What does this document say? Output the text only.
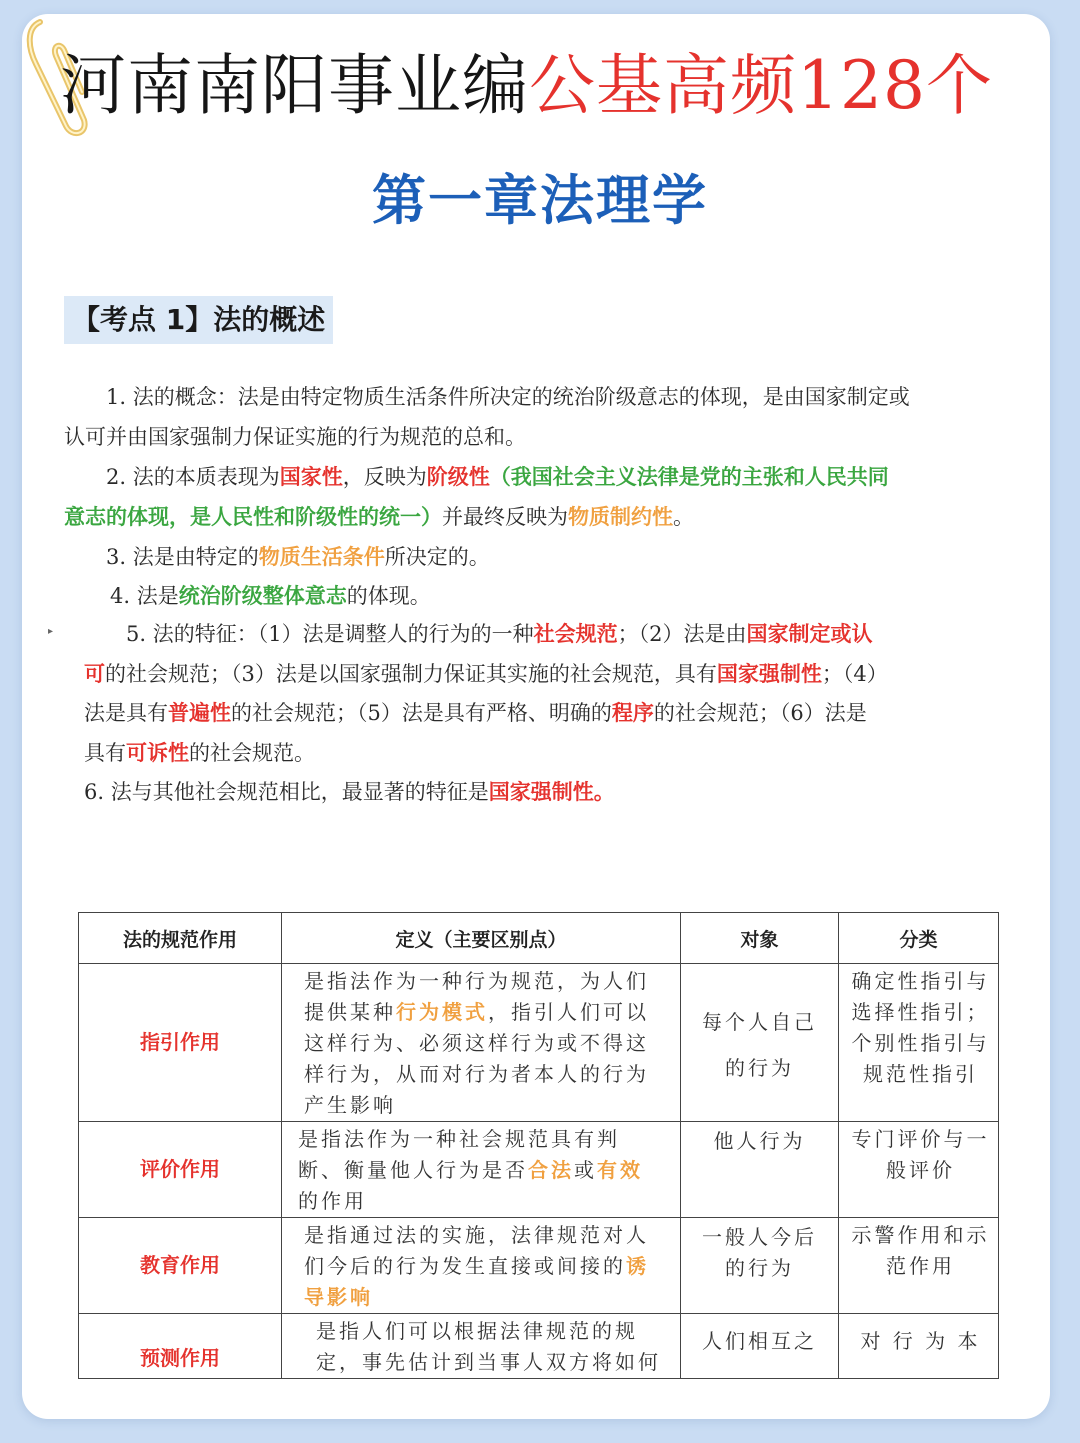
河南南阳事业编公基高频128个
第一章法理学
【考点 1】法的概述
1. 法的概念：法是由特定物质生活条件所决定的统治阶级意志的体现，是由国家制定或
认可并由国家强制力保证实施的行为规范的总和。
2. 法的本质表现为国家性，反映为阶级性（我国社会主义法律是党的主张和人民共同
意志的体现，是人民性和阶级性的统一）并最终反映为物质制约性。
3. 法是由特定的物质生活条件所决定的。
4. 法是统治阶级整体意志的体现。
▸	5. 法的特征：（1）法是调整人的行为的一种社会规范；（2）法是由国家制定或认
可的社会规范；（3）法是以国家强制力保证其实施的社会规范，具有国家强制性；（4）
法是具有普遍性的社会规范；（5）法是具有严格、明确的程序的社会规范；（6）法是
具有可诉性的社会规范。
6. 法与其他社会规范相比，最显著的特征是国家强制性。
法的规范作用	定义（主要区别点）	对象	分类
指引作用	是指法作为一种行为规范，为人们提供某种行为模式，指引人们可以这样行为、必须这样行为或不得这样行为，从而对行为者本人的行为产生影响	每个人自己的行为	确定性指引与选择性指引；个别性指引与规范性指引
评价作用	是指法作为一种社会规范具有判断、衡量他人行为是否合法或有效的作用	他人行为	专门评价与一般评价
教育作用	是指通过法的实施，法律规范对人们今后的行为发生直接或间接的诱导影响	一般人今后的行为	示警作用和示范作用
预测作用	是指人们可以根据法律规范的规定，事先估计到当事人双方将如何	人们相互之	对 行 为 本
